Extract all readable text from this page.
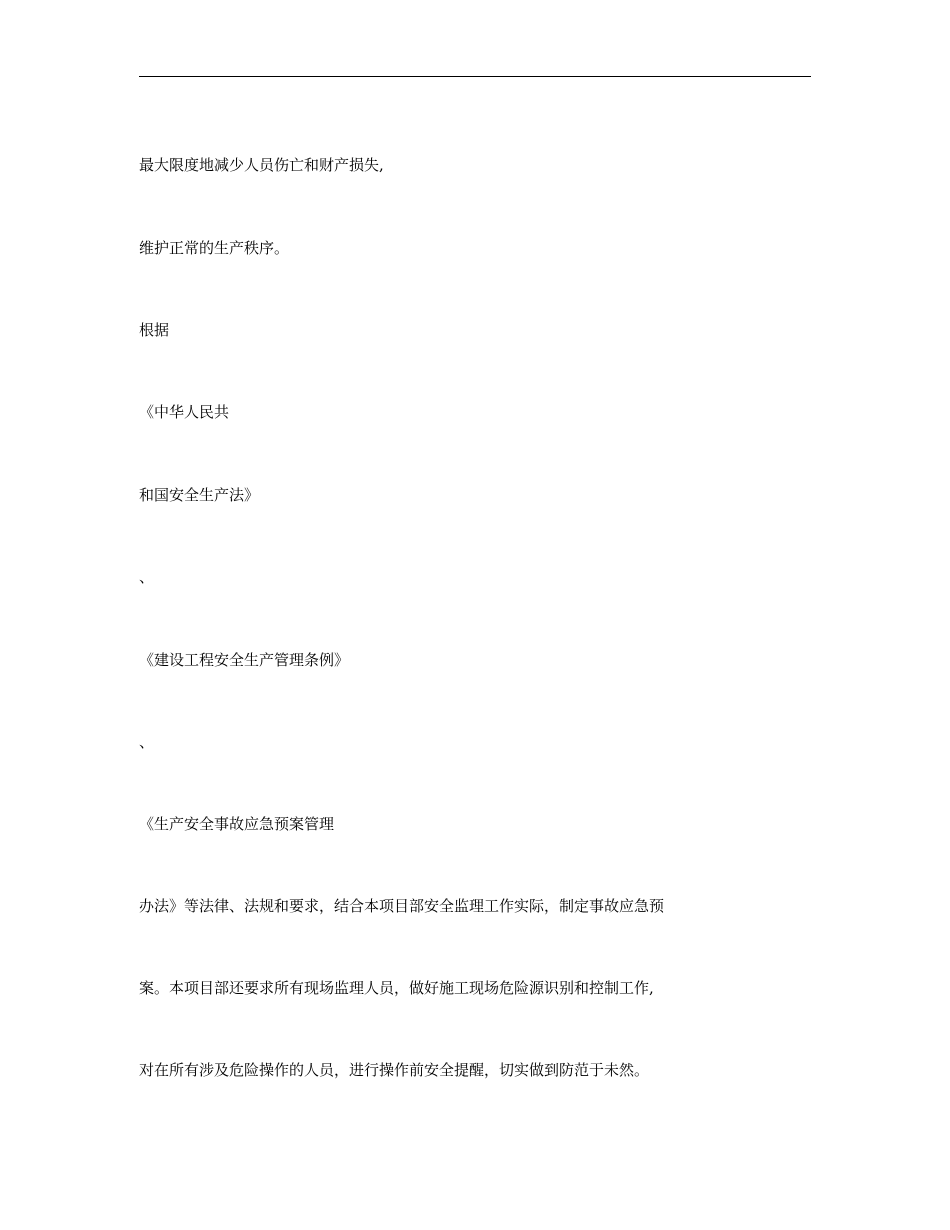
最大限度地减少人员伤亡和财产损失,
维护正常的生产秩序。
根据
《中华人民共
和国安全生产法》
、
《建设工程安全生产管理条例》
、
《生产安全事故应急预案管理
办法》等法律、法规和要求，结合本项目部安全监理工作实际，制定事故应急预
案。本项目部还要求所有现场监理人员，做好施工现场危险源识别和控制工作,
对在所有涉及危险操作的人员，进行操作前安全提醒，切实做到防范于未然。
